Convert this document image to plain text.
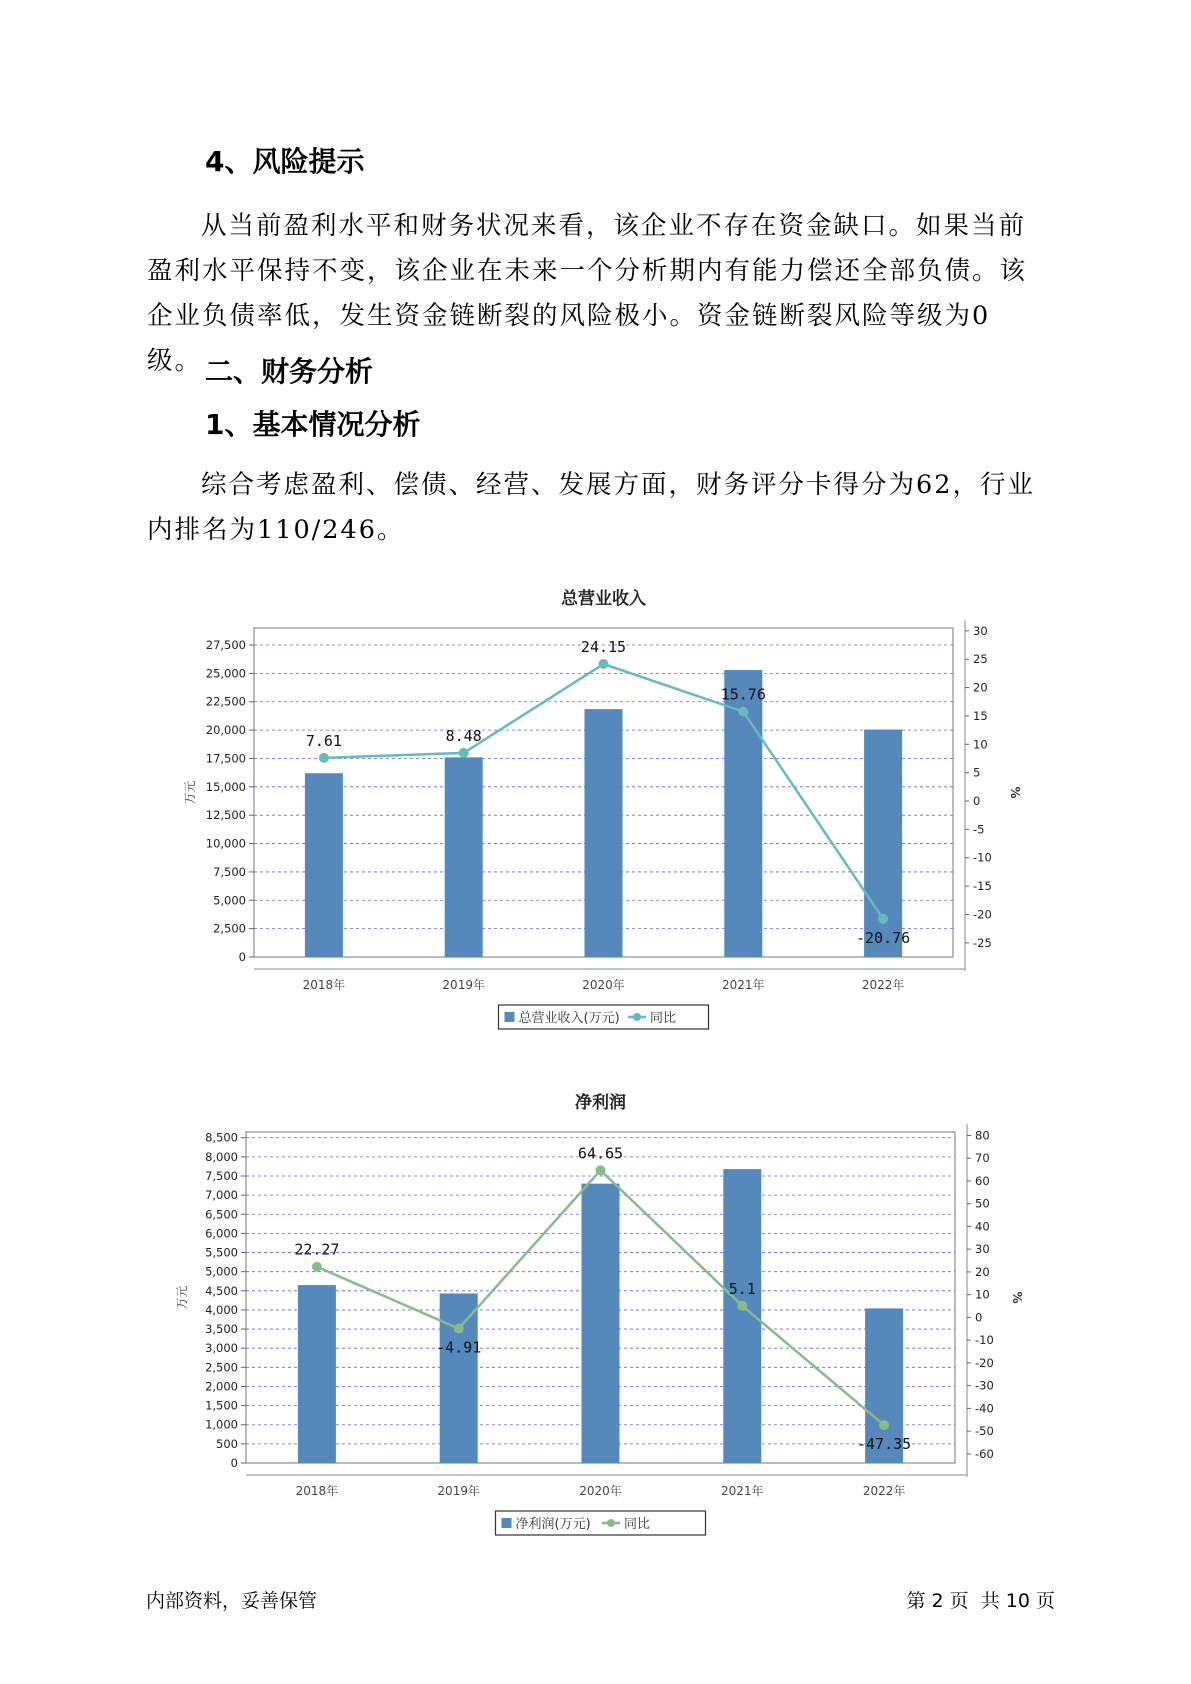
4、风险提示

从当前盈利水平和财务状况来看，该企业不存在资金缺口。如果当前盈利水平保持不变，该企业在未来一个分析期内有能力偿还全部负债。该企业负债率低，发生资金链断裂的风险极小。资金链断裂风险等级为0级。 二、财务分析
1、基本情况分析

综合考虑盈利、偿债、经营、发展方面，财务评分卡得分为62，行业内排名为110/246。

总营业收入
0
2,500
5,000
7,500
10,000
12,500
15,000
17,500
20,000
22,500
25,000
27,500
-25
-20
-15
-10
-5
0
5
10
15
20
25
30
万元	%
2018年	2019年	2020年	2021年	2022年
7.61	8.48
24.15
15.76
-20.76
总营业收入(万元) 同比
净利润
0
500
1,000
1,500
2,000
2,500
3,000
3,500
4,000
4,500
5,000
5,500
6,000
6,500
7,000
7,500
8,000
8,500
-60
-50
-40
-30
-20
-10
0
10
20
30
40
50
60
70
80
万元	%
2018年	2019年	2020年	2021年	2022年
22.27
-4.91
64.65
5.1
-47.35
净利润(万元)	同比
内部资料，妥善保管	第 2 页  共 10 页
